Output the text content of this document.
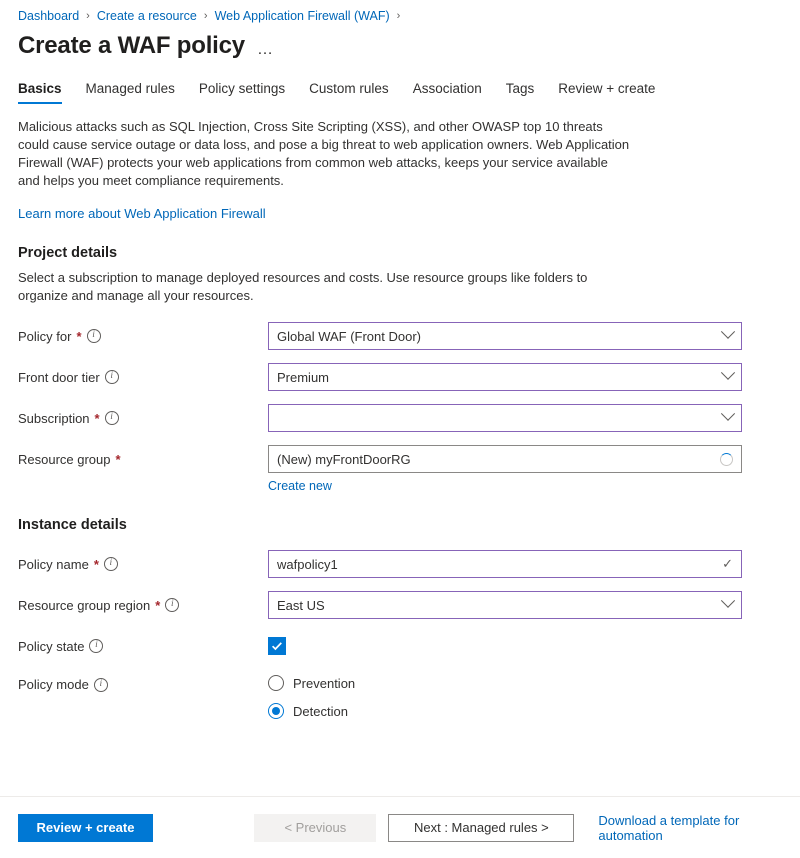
Dashboard › Create a resource › Web Application Firewall (WAF) ›
Create a WAF policy …
Basics Managed rules Policy settings Custom rules Association Tags Review + create
Malicious attacks such as SQL Injection, Cross Site Scripting (XSS), and other OWASP top 10 threats could cause service outage or data loss, and pose a big threat to web application owners. Web Application Firewall (WAF) protects your web applications from common web attacks, keeps your service available and helps you meet compliance requirements.
Learn more about Web Application Firewall
Project details
Select a subscription to manage deployed resources and costs. Use resource groups like folders to organize and manage all your resources.
Policy for *	i	Global WAF (Front Door)
Front door tier	i	Premium
Subscription *	i
Resource group *	(New) myFrontDoorRG
Create new
Instance details
Policy name *	i	wafpolicy1	✓
Resource group region *	i	East US
Policy state	i
Policy mode	i	Prevention
Detection
Review + create	< Previous	Next : Managed rules >	Download a template for automation
